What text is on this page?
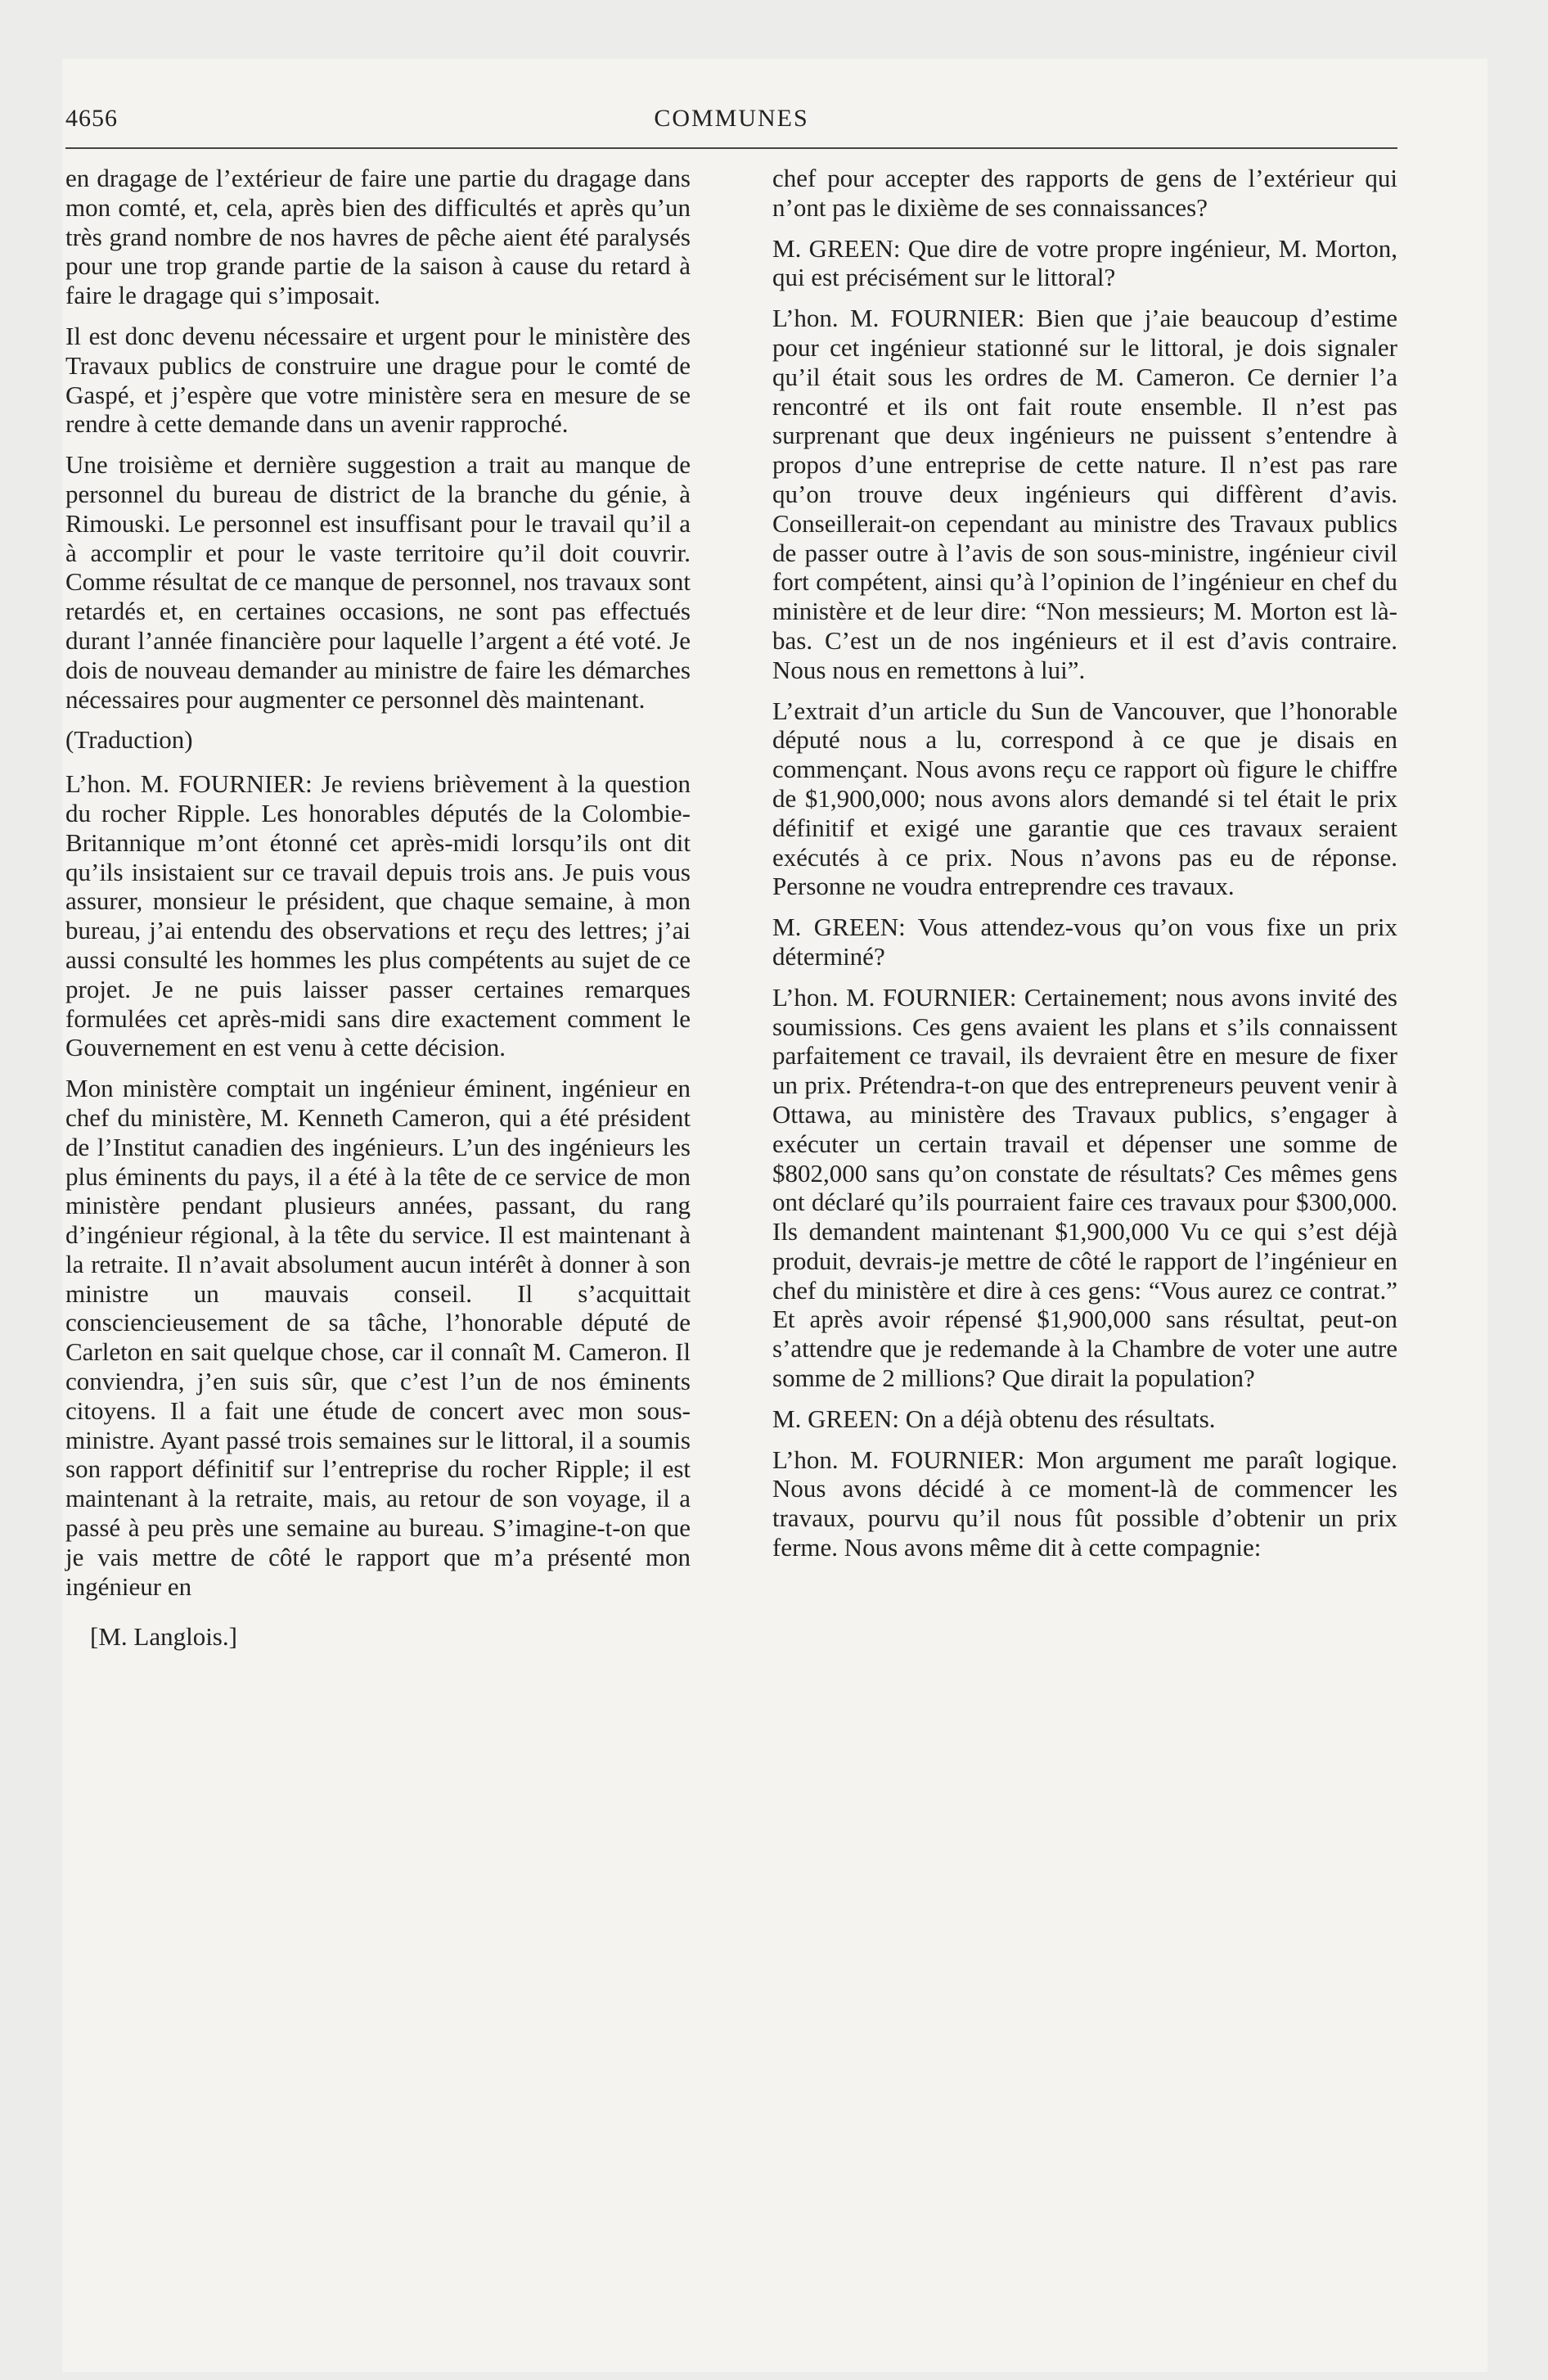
4656	COMMUNES

en dragage de l’extérieur de faire une partie du dragage dans mon comté, et, cela, après bien des difficultés et après qu’un très grand nombre de nos havres de pêche aient été paralysés pour une trop grande partie de la saison à cause du retard à faire le dragage qui s’imposait.

Il est donc devenu nécessaire et urgent pour le ministère des Travaux publics de construire une drague pour le comté de Gaspé, et j’espère que votre ministère sera en mesure de se rendre à cette demande dans un avenir rapproché.

Une troisième et dernière suggestion a trait au manque de personnel du bureau de district de la branche du génie, à Rimouski. Le personnel est insuffisant pour le travail qu’il a à accomplir et pour le vaste territoire qu’il doit couvrir. Comme résultat de ce manque de personnel, nos travaux sont retardés et, en certaines occasions, ne sont pas effectués durant l’année financière pour laquelle l’argent a été voté. Je dois de nouveau demander au ministre de faire les démarches nécessaires pour augmenter ce personnel dès maintenant.

(Traduction)

L’hon. M. FOURNIER: Je reviens brièvement à la question du rocher Ripple. Les honorables députés de la Colombie-Britannique m’ont étonné cet après-midi lorsqu’ils ont dit qu’ils insistaient sur ce travail depuis trois ans. Je puis vous assurer, monsieur le président, que chaque semaine, à mon bureau, j’ai entendu des observations et reçu des lettres; j’ai aussi consulté les hommes les plus compétents au sujet de ce projet. Je ne puis laisser passer certaines remarques formulées cet après-midi sans dire exactement comment le Gouvernement en est venu à cette décision.

Mon ministère comptait un ingénieur éminent, ingénieur en chef du ministère, M. Kenneth Cameron, qui a été président de l’Institut canadien des ingénieurs. L’un des ingénieurs les plus éminents du pays, il a été à la tête de ce service de mon ministère pendant plusieurs années, passant, du rang d’ingénieur régional, à la tête du service. Il est maintenant à la retraite. Il n’avait absolument aucun intérêt à donner à son ministre un mauvais conseil. Il s’acquittait consciencieusement de sa tâche, l’honorable député de Carleton en sait quelque chose, car il connaît M. Cameron. Il conviendra, j’en suis sûr, que c’est l’un de nos éminents citoyens. Il a fait une étude de concert avec mon sous-ministre. Ayant passé trois semaines sur le littoral, il a soumis son rapport définitif sur l’entreprise du rocher Ripple; il est maintenant à la retraite, mais, au retour de son voyage, il a passé à peu près une semaine au bureau. S’imagine-t-on que je vais mettre de côté le rapport que m’a présenté mon ingénieur en

[M. Langlois.]

chef pour accepter des rapports de gens de l’extérieur qui n’ont pas le dixième de ses connaissances?

M. GREEN: Que dire de votre propre ingénieur, M. Morton, qui est précisément sur le littoral?

L’hon. M. FOURNIER: Bien que j’aie beaucoup d’estime pour cet ingénieur stationné sur le littoral, je dois signaler qu’il était sous les ordres de M. Cameron. Ce dernier l’a rencontré et ils ont fait route ensemble. Il n’est pas surprenant que deux ingénieurs ne puissent s’entendre à propos d’une entreprise de cette nature. Il n’est pas rare qu’on trouve deux ingénieurs qui diffèrent d’avis. Conseillerait-on cependant au ministre des Travaux publics de passer outre à l’avis de son sous-ministre, ingénieur civil fort compétent, ainsi qu’à l’opinion de l’ingénieur en chef du ministère et de leur dire: “Non messieurs; M. Morton est là-bas. C’est un de nos ingénieurs et il est d’avis contraire. Nous nous en remettons à lui”.

L’extrait d’un article du Sun de Vancouver, que l’honorable député nous a lu, correspond à ce que je disais en commençant. Nous avons reçu ce rapport où figure le chiffre de $1,900,000; nous avons alors demandé si tel était le prix définitif et exigé une garantie que ces travaux seraient exécutés à ce prix. Nous n’avons pas eu de réponse. Personne ne voudra entreprendre ces travaux.

M. GREEN: Vous attendez-vous qu’on vous fixe un prix déterminé?

L’hon. M. FOURNIER: Certainement; nous avons invité des soumissions. Ces gens avaient les plans et s’ils connaissent parfaitement ce travail, ils devraient être en mesure de fixer un prix. Prétendra-t-on que des entrepreneurs peuvent venir à Ottawa, au ministère des Travaux publics, s’engager à exécuter un certain travail et dépenser une somme de $802,000 sans qu’on constate de résultats? Ces mêmes gens ont déclaré qu’ils pourraient faire ces travaux pour $300,000. Ils demandent maintenant $1,900,000 Vu ce qui s’est déjà produit, devrais-je mettre de côté le rapport de l’ingénieur en chef du ministère et dire à ces gens: “Vous aurez ce contrat.” Et après avoir répensé $1,900,000 sans résultat, peut-on s’attendre que je redemande à la Chambre de voter une autre somme de 2 millions? Que dirait la population?

M. GREEN: On a déjà obtenu des résultats.

L’hon. M. FOURNIER: Mon argument me paraît logique. Nous avons décidé à ce moment-là de commencer les travaux, pourvu qu’il nous fût possible d’obtenir un prix ferme. Nous avons même dit à cette compagnie:
